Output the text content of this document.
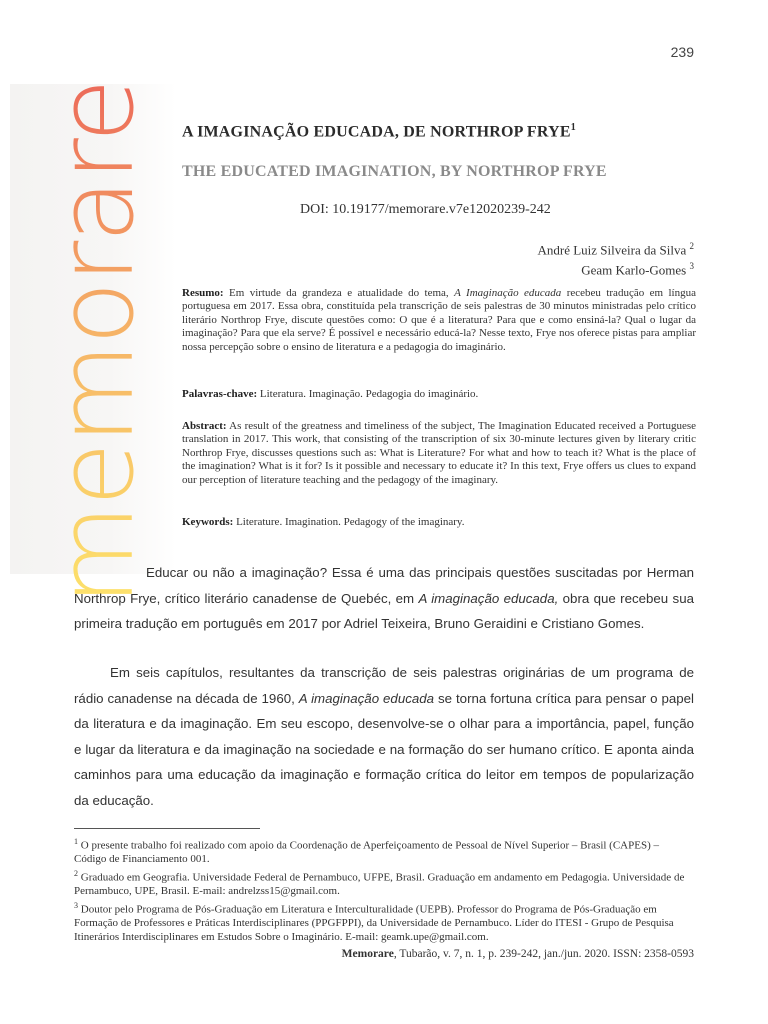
239
memorare A IMAGINAÇÃO EDUCADA, DE NORTHROP FRYE$^1$
THE EDUCATED IMAGINATION, BY NORTHROP FRYE
DOI: 10.19177/memorare.v7e12020239-242
André Luiz Silveira da Silva $^2$
Geam Karlo-Gomes $^3$
Resumo: Em virtude da grandeza e atualidade do tema, A Imaginação educada recebeu tradução em língua portuguesa em 2017. Essa obra, constituída pela transcrição de seis palestras de 30 minutos ministradas pelo crítico literário Northrop Frye, discute questões como: O que é a literatura? Para que e como ensiná-la? Qual o lugar da imaginação? Para que ela serve? É possível e necessário educá-la? Nesse texto, Frye nos oferece pistas para ampliar nossa percepção sobre o ensino de literatura e a pedagogia do imaginário.
Palavras-chave: Literatura. Imaginação. Pedagogia do imaginário.
Abstract: As result of the greatness and timeliness of the subject, The Imagination Educated received a Portuguese translation in 2017. This work, that consisting of the transcription of six 30-minute lectures given by literary critic Northrop Frye, discusses questions such as: What is Literature? For what and how to teach it? What is the place of the imagination? What is it for? Is it possible and necessary to educate it? In this text, Frye offers us clues to expand our perception of literature teaching and the pedagogy of the imaginary.
Keywords: Literature. Imagination. Pedagogy of the imaginary.

Educar ou não a imaginação? Essa é uma das principais questões suscitadas por Herman Northrop Frye, crítico literário canadense de Quebéc, em A imaginação educada, obra que recebeu sua primeira tradução em português em 2017 por Adriel Teixeira, Bruno Geraidini e Cristiano Gomes.

Em seis capítulos, resultantes da transcrição de seis palestras originárias de um programa de rádio canadense na década de 1960, A imaginação educada se torna fortuna crítica para pensar o papel da literatura e da imaginação. Em seu escopo, desenvolve-se o olhar para a importância, papel, função e lugar da literatura e da imaginação na sociedade e na formação do ser humano crítico. E aponta ainda caminhos para uma educação da imaginação e formação crítica do leitor em tempos de popularização da educação.

$^1$ O presente trabalho foi realizado com apoio da Coordenação de Aperfeiçoamento de Pessoal de Nível Superior – Brasil (CAPES) – Código de Financiamento 001.

$^2$ Graduado em Geografia. Universidade Federal de Pernambuco, UFPE, Brasil. Graduação em andamento em Pedagogia. Universidade de Pernambuco, UPE, Brasil. E-mail: andrelzss15@gmail.com.

$^3$ Doutor pelo Programa de Pós-Graduação em Literatura e Interculturalidade (UEPB). Professor do Programa de Pós-Graduação em Formação de Professores e Práticas Interdisciplinares (PPGFPPI), da Universidade de Pernambuco. Líder do ITESI - Grupo de Pesquisa Itinerários Interdisciplinares em Estudos Sobre o Imaginário. E-mail: geamk.upe@gmail.com.

Memorare, Tubarão, v. 7, n. 1, p. 239-242, jan./jun. 2020. ISSN: 2358-0593
